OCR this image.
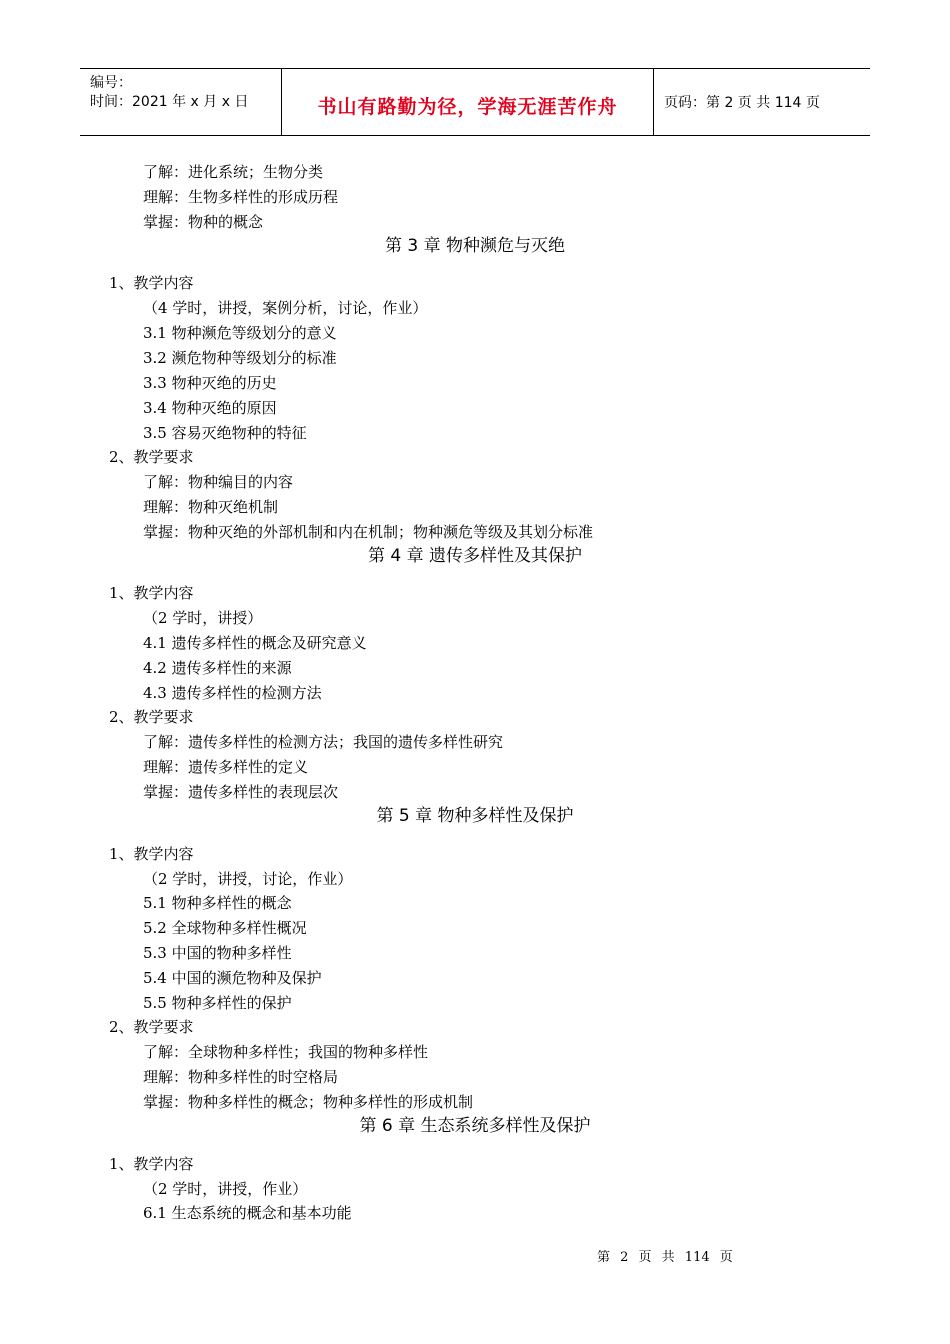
编号：
时间：2021 年 x 月 x 日	书山有路勤为径，学海无涯苦作舟	页码：第 2 页 共 114 页
了解：进化系统；生物分类
理解：生物多样性的形成历程
掌握：物种的概念
第 3 章 物种濒危与灭绝
1、教学内容
（4 学时，讲授，案例分析，讨论，作业）
3.1 物种濒危等级划分的意义
3.2 濒危物种等级划分的标准
3.3 物种灭绝的历史
3.4 物种灭绝的原因
3.5 容易灭绝物种的特征
2、教学要求
了解：物种编目的内容
理解：物种灭绝机制
掌握：物种灭绝的外部机制和内在机制；物种濒危等级及其划分标准
第 4 章 遗传多样性及其保护
1、教学内容
（2 学时，讲授）
4.1 遗传多样性的概念及研究意义
4.2 遗传多样性的来源
4.3 遗传多样性的检测方法
2、教学要求
了解：遗传多样性的检测方法；我国的遗传多样性研究
理解：遗传多样性的定义
掌握：遗传多样性的表现层次
第 5 章 物种多样性及保护
1、教学内容
（2 学时，讲授，讨论，作业）
5.1 物种多样性的概念
5.2 全球物种多样性概况
5.3 中国的物种多样性
5.4 中国的濒危物种及保护
5.5 物种多样性的保护
2、教学要求
了解：全球物种多样性；我国的物种多样性
理解：物种多样性的时空格局
掌握：物种多样性的概念；物种多样性的形成机制
第 6 章 生态系统多样性及保护
1、教学内容
（2 学时，讲授，作业）
6.1 生态系统的概念和基本功能
第 2 页 共 114 页
